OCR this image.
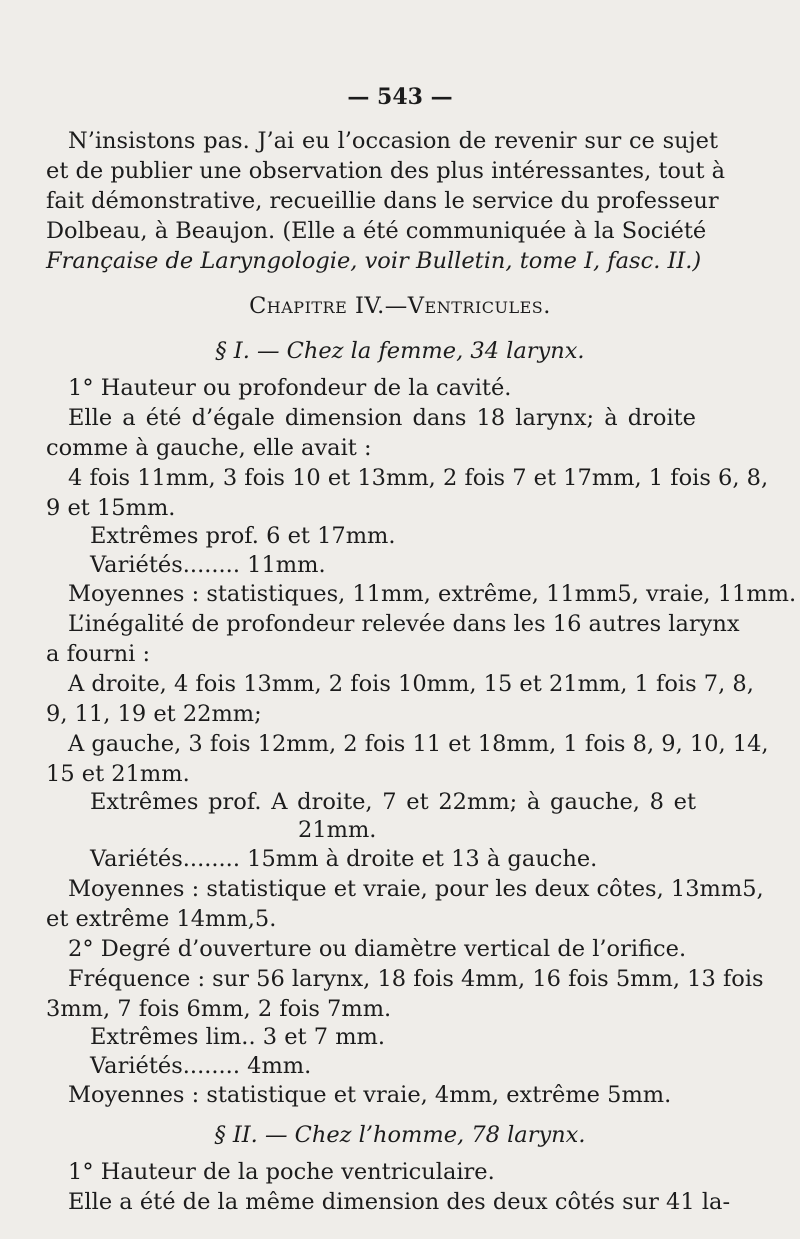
— 543 —
N’insistons pas. J’ai eu l’occasion de revenir sur ce sujet
et de publier une observation des plus intéressantes, tout à
fait démonstrative, recueillie dans le service du professeur
Dolbeau, à Beaujon. (Elle a été communiquée à la Société
Française de Laryngologie, voir Bulletin, tome I, fasc. II.)
Chapitre IV.—Ventricules.
§ I. — Chez la femme, 34 larynx.
1° Hauteur ou profondeur de la cavité.
Elle a été d’égale dimension dans 18 larynx; à droite
comme à gauche, elle avait :
4 fois 11mm, 3 fois 10 et 13mm, 2 fois 7 et 17mm, 1 fois 6, 8,
9 et 15mm.
Extrêmes prof. 6 et 17mm.
Variétés........ 11mm.
Moyennes : statistiques, 11mm, extrême, 11mm5, vraie, 11mm.
L’inégalité de profondeur relevée dans les 16 autres larynx
a fourni :
A droite, 4 fois 13mm, 2 fois 10mm, 15 et 21mm, 1 fois 7, 8,
9, 11, 19 et 22mm;
A gauche, 3 fois 12mm, 2 fois 11 et 18mm, 1 fois 8, 9, 10, 14,
15 et 21mm.
Extrêmes prof. A droite, 7 et 22mm; à gauche, 8 et
21mm.
Variétés........ 15mm à droite et 13 à gauche.
Moyennes : statistique et vraie, pour les deux côtes, 13mm5,
et extrême 14mm,5.
2° Degré d’ouverture ou diamètre vertical de l’orifice.
Fréquence : sur 56 larynx, 18 fois 4mm, 16 fois 5mm, 13 fois
3mm, 7 fois 6mm, 2 fois 7mm.
Extrêmes lim.. 3 et 7 mm.
Variétés........ 4mm.
Moyennes : statistique et vraie, 4mm, extrême 5mm.
§ II. — Chez l’homme, 78 larynx.
1° Hauteur de la poche ventriculaire.
Elle a été de la même dimension des deux côtés sur 41 la-
